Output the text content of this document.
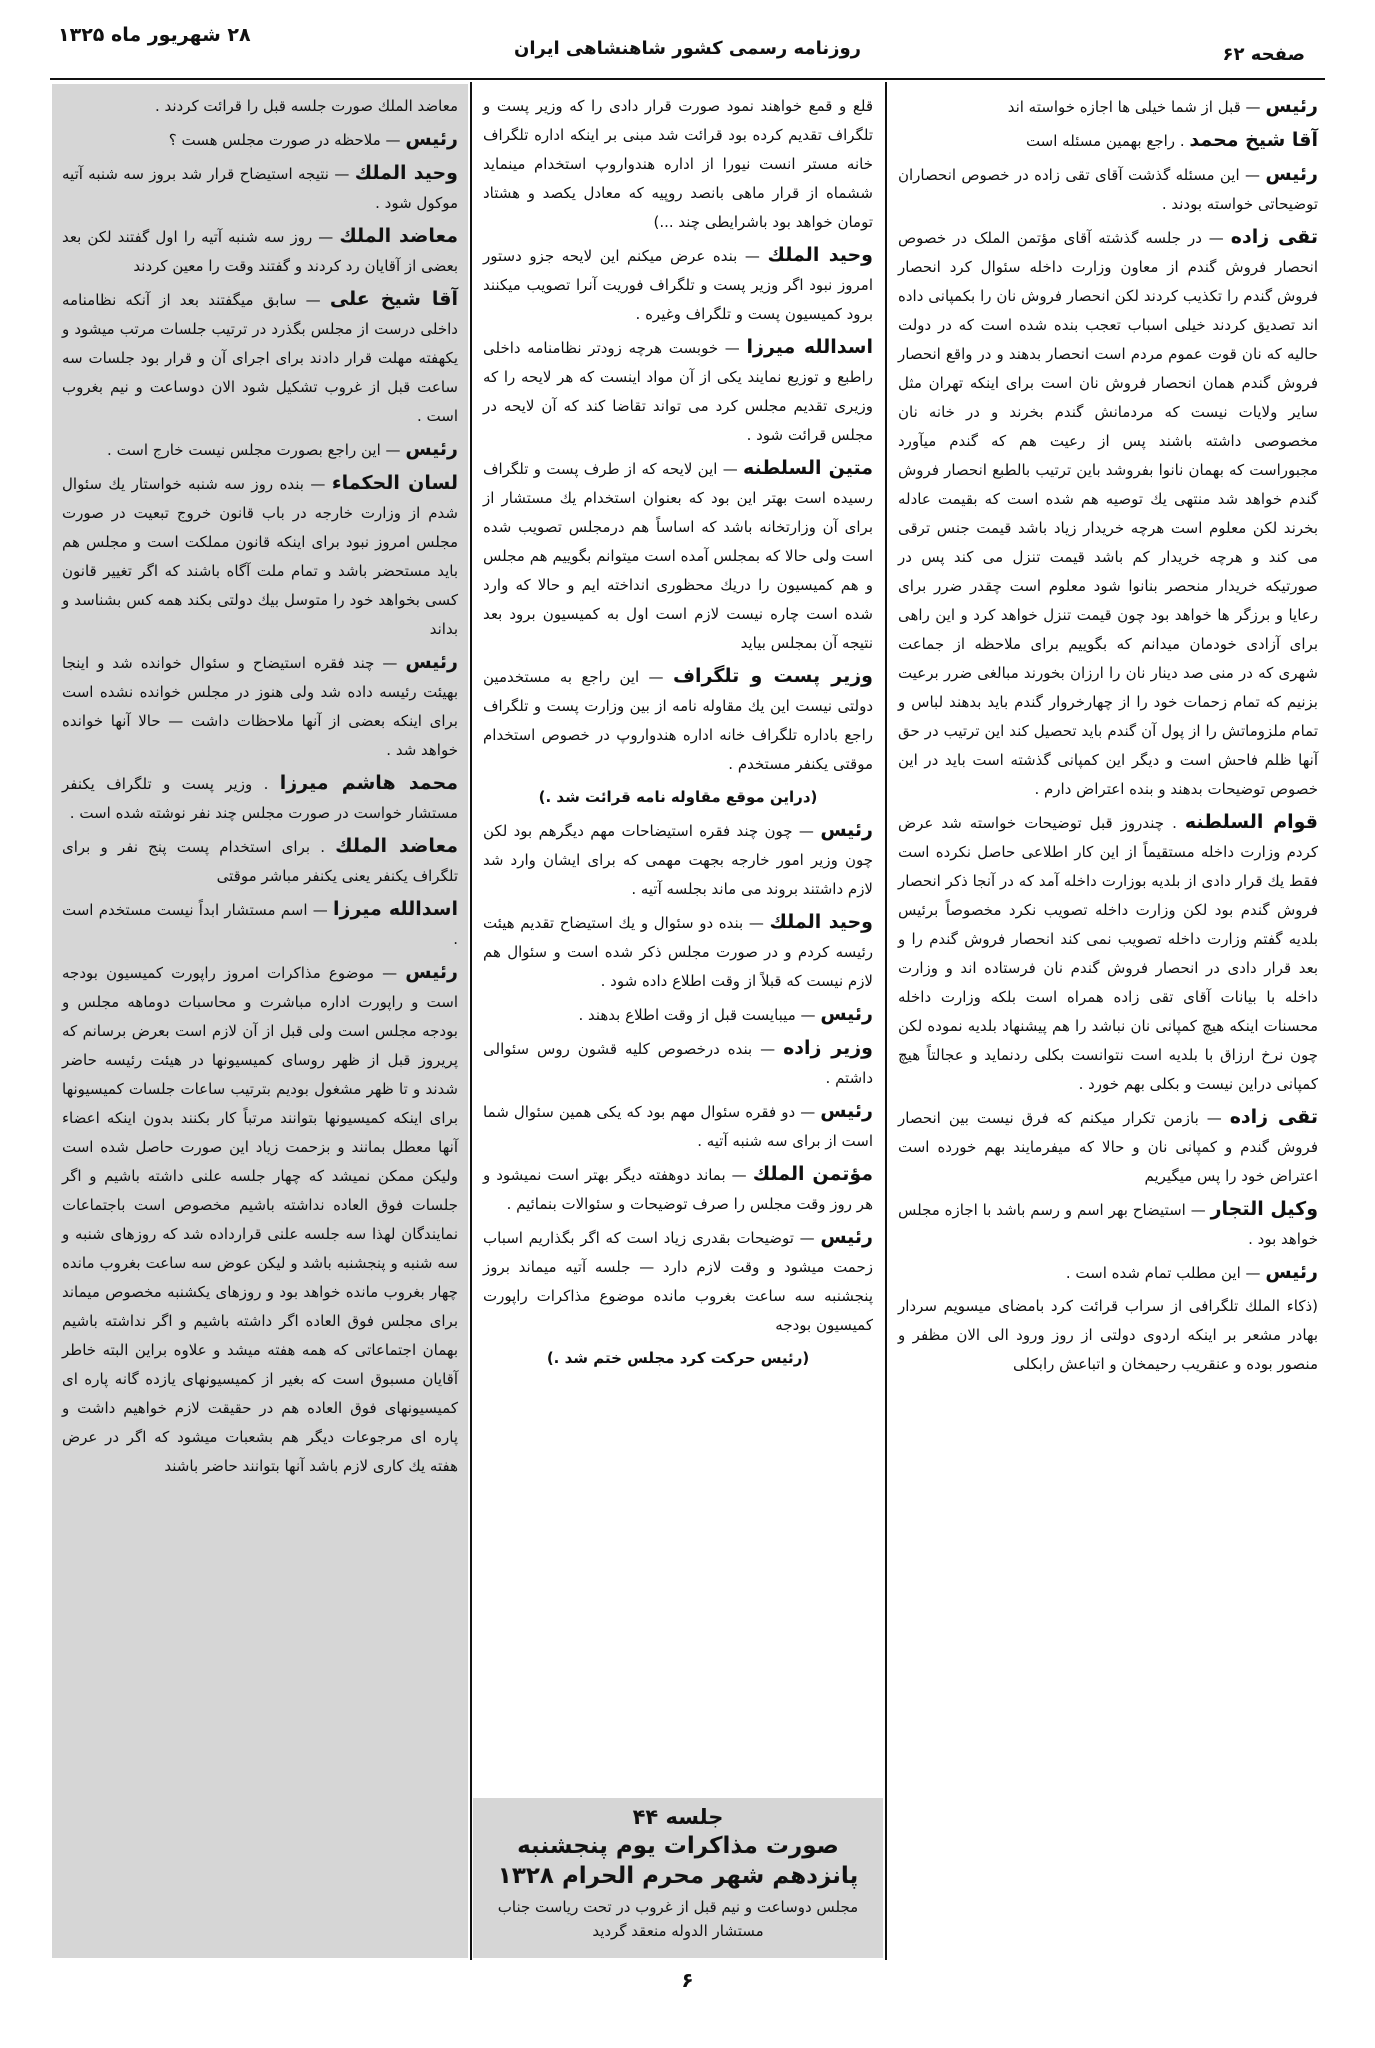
۲۸ شهریور ماه ۱۳۲۵
روزنامه رسمی کشور شاهنشاهی ایران	صفحه ۶۲
رئیس — قبل از شما خیلی ها اجازه خواسته اند
آقا شیخ محمد . راجع بهمین مسئله است
رئیس — این مسئله گذشت آقای تقی زاده در خصوص انحصاران توضیحاتی خواسته بودند .
تقی زاده — در جلسه گذشته آقای مؤتمن الملک در خصوص انحصار فروش گندم از معاون وزارت داخله سئوال کرد انحصار فروش گندم را تکذیب کردند لکن انحصار فروش نان را بکمپانی داده اند تصدیق کردند خیلی اسباب تعجب بنده شده است که در دولت حالیه که نان قوت عموم مردم است انحصار بدهند و در واقع انحصار فروش گندم همان انحصار فروش نان است برای اینکه تهران مثل سایر ولایات نیست که مردمانش گندم بخرند و در خانه نان مخصوصی داشته باشند پس از رعیت هم که گندم میآورد مجبوراست که بهمان نانوا بفروشد باین ترتیب بالطبع انحصار فروش گندم خواهد شد منتهی یك توصیه هم شده است که بقیمت عادله بخرند لکن معلوم است هرچه خریدار زیاد باشد قیمت جنس ترقی می کند و هرچه خریدار کم باشد قیمت تنزل می کند پس در صورتیکه خریدار منحصر بنانوا شود معلوم است چقدر ضرر برای رعایا و برزگر ها خواهد بود چون قیمت تنزل خواهد کرد و این راهی برای آزادی خودمان میدانم که بگوییم برای ملاحظه از جماعت شهری که در منی صد دینار نان را ارزان بخورند مبالغی ضرر برعیت بزنیم که تمام زحمات خود را از چهارخروار گندم باید بدهند لباس و تمام ملزوماتش را از پول آن گندم باید تحصیل کند این ترتیب در حق آنها ظلم فاحش است و دیگر این کمپانی گذشته است باید در این خصوص توضیحات بدهند و بنده اعتراض دارم .
قوام السلطنه . چندروز قبل توضیحات خواسته شد عرض کردم وزارت داخله مستقیماً از این کار اطلاعی حاصل نکرده است فقط یك قرار دادی از بلدیه بوزارت داخله آمد که در آنجا ذکر انحصار فروش گندم بود لکن وزارت داخله تصویب نکرد مخصوصاً برئیس بلدیه گفتم وزارت داخله تصویب نمی کند انحصار فروش گندم را و بعد قرار دادی در انحصار فروش گندم نان فرستاده اند و وزارت داخله با بیانات آقای تقی زاده همراه است بلکه وزارت داخله محسنات اینکه هیچ کمپانی نان نباشد را هم پیشنهاد بلدیه نموده لکن چون نرخ ارزاق با بلدیه است نتوانست بکلی ردنماید و عجالتاً هیچ کمپانی دراین نیست و بکلی بهم خورد .
تقی زاده — بازمن تکرار میکنم که فرق نیست بین انحصار فروش گندم و کمپانی نان و حالا که میفرمایند بهم خورده است اعتراض خود را پس میگیریم
وکیل التجار — استیضاح بهر اسم و رسم باشد با اجازه مجلس خواهد بود .
رئیس — این مطلب تمام شده است .
(ذکاء الملك تلگرافی از سراب قرائت کرد بامضای میسویم سردار بهادر مشعر بر اینکه اردوی دولتی از روز ورود الی الان مظفر و منصور بوده و عنقریب رحیمخان و اتباعش رابکلی
قلع و قمع خواهند نمود صورت قرار دادی را که وزیر پست و تلگراف تقدیم کرده بود قرائت شد مبنی بر اینکه اداره تلگراف خانه مستر انست نیورا از اداره هندواروپ استخدام مینماید ششماه از قرار ماهی بانصد روپیه که معادل یکصد و هشتاد تومان خواهد بود باشرایطی چند ...)
وحید الملك — بنده عرض میکنم این لایحه جزو دستور امروز نبود اگر وزیر پست و تلگراف فوریت آنرا تصویب میکنند برود کمیسیون پست و تلگراف وغیره .
اسدالله میرزا — خوبست هرچه زودتر نظامنامه داخلی راطبع و توزیع نمایند یکی از آن مواد اینست که هر لایحه را که وزیری تقدیم مجلس کرد می تواند تقاضا کند که آن لایحه در مجلس قرائت شود .
متین السلطنه — این لایحه که از طرف پست و تلگراف رسیده است بهتر این بود که بعنوان استخدام یك مستشار از برای آن وزارتخانه باشد که اساساً هم درمجلس تصویب شده است ولی حالا که بمجلس آمده است میتوانم بگوییم هم مجلس و هم کمیسیون را دریك محظوری انداخته ایم و حالا که وارد شده است چاره نیست لازم است اول به کمیسیون برود بعد نتیجه آن بمجلس بیاید
وزیر پست و تلگراف — این راجع به مستخدمین دولتی نیست این یك مقاوله نامه از بین وزارت پست و تلگراف راجع باداره تلگراف خانه اداره هندواروپ در خصوص استخدام موقتی یکنفر مستخدم .
(دراین موقع مقاوله نامه قرائت شد .)
رئیس — چون چند فقره استیضاحات مهم دیگرهم بود لکن چون وزیر امور خارجه بجهت مهمی که برای ایشان وارد شد لازم داشتند بروند می ماند بجلسه آتیه .
وحید الملك — بنده دو سئوال و یك استیضاح تقدیم هیئت رئیسه کردم و در صورت مجلس ذکر شده است و سئوال هم لازم نیست که قبلاً از وقت اطلاع داده شود .
رئیس — میبایست قبل از وقت اطلاع بدهند .
وزیر زاده — بنده درخصوص کلیه قشون روس سئوالی داشتم .
رئیس — دو فقره سئوال مهم بود که یکی همین سئوال شما است از برای سه شنبه آتیه .
مؤتمن الملك — بماند دوهفته دیگر بهتر است نمیشود و هر روز وقت مجلس را صرف توضیحات و سئوالات بنمائیم .
رئیس — توضیحات بقدری زیاد است که اگر بگذاریم اسباب زحمت میشود و وقت لازم دارد — جلسه آتیه میماند بروز پنجشنبه سه ساعت بغروب مانده موضوع مذاکرات راپورت کمیسیون بودجه
(رئیس حرکت کرد مجلس ختم شد .)
معاضد الملك صورت جلسه قبل را قرائت کردند .
رئیس — ملاحظه در صورت مجلس هست ؟
وحید الملك — نتیجه استیضاح قرار شد بروز سه شنبه آتیه موکول شود .
معاضد الملك — روز سه شنبه آتیه را اول گفتند لکن بعد بعضی از آقایان رد کردند و گفتند وقت را معین کردند
آقا شیخ علی — سابق میگفتند بعد از آنکه نظامنامه داخلی درست از مجلس بگذرد در ترتیب جلسات مرتب میشود و یکهفته مهلت قرار دادند برای اجرای آن و قرار بود جلسات سه ساعت قبل از غروب تشکیل شود الان دوساعت و نیم بغروب است .
رئیس — این راجع بصورت مجلس نیست خارج است .
لسان الحکماء — بنده روز سه شنبه خواستار یك سئوال شدم از وزارت خارجه در باب قانون خروج تبعیت در صورت مجلس امروز نبود برای اینکه قانون مملکت است و مجلس هم باید مستحضر باشد و تمام ملت آگاه باشند که اگر تغییر قانون کسی بخواهد خود را متوسل بیك دولتی بکند همه کس بشناسد و بداند
رئیس — چند فقره استیضاح و سئوال خوانده شد و اینجا بهیئت رئیسه داده شد ولی هنوز در مجلس خوانده نشده است برای اینکه بعضی از آنها ملاحظات داشت — حالا آنها خوانده خواهد شد .
محمد هاشم میرزا . وزیر پست و تلگراف یکنفر مستشار خواست در صورت مجلس چند نفر نوشته شده است .
معاضد الملك . برای استخدام پست پنج نفر و برای تلگراف یکنفر یعنی یکنفر مباشر موقتی
اسدالله میرزا — اسم مستشار ابداً نیست مستخدم است .
رئیس — موضوع مذاکرات امروز راپورت کمیسیون بودجه است و راپورت اداره مباشرت و محاسبات دوماهه مجلس و بودجه مجلس است ولی قبل از آن لازم است بعرض برسانم که پریروز قبل از ظهر روسای کمیسیونها در هیئت رئیسه حاضر شدند و تا ظهر مشغول بودیم بترتیب ساعات جلسات کمیسیونها برای اینکه کمیسیونها بتوانند مرتباً کار بکنند بدون اینکه اعضاء آنها معطل بمانند و بزحمت زیاد این صورت حاصل شده است ولیکن ممکن نمیشد که چهار جلسه علنی داشته باشیم و اگر جلسات فوق العاده نداشته باشیم مخصوص است باجتماعات نمایندگان لهذا سه جلسه علنی قرارداده شد که روزهای شنبه و سه شنبه و پنجشنبه باشد و لیکن عوض سه ساعت بغروب مانده چهار بغروب مانده خواهد بود و روزهای یکشنبه مخصوص میماند برای مجلس فوق العاده اگر داشته باشیم و اگر نداشته باشیم بهمان اجتماعاتی که همه هفته میشد و علاوه براین البته خاطر آقایان مسبوق است که بغیر از کمیسیونهای یازده گانه پاره ای کمیسیونهای فوق العاده هم در حقیقت لازم خواهیم داشت و پاره ای مرجوعات دیگر هم بشعبات میشود که اگر در عرض هفته یك کاری لازم باشد آنها بتوانند حاضر باشند
جلسه ۴۴
صورت مذاکرات یوم پنجشنبه پانزدهم شهر محرم الحرام ۱۳۲۸
مجلس دوساعت و نیم قبل از غروب در تحت ریاست جناب مستشار الدوله منعقد گردید
۶
